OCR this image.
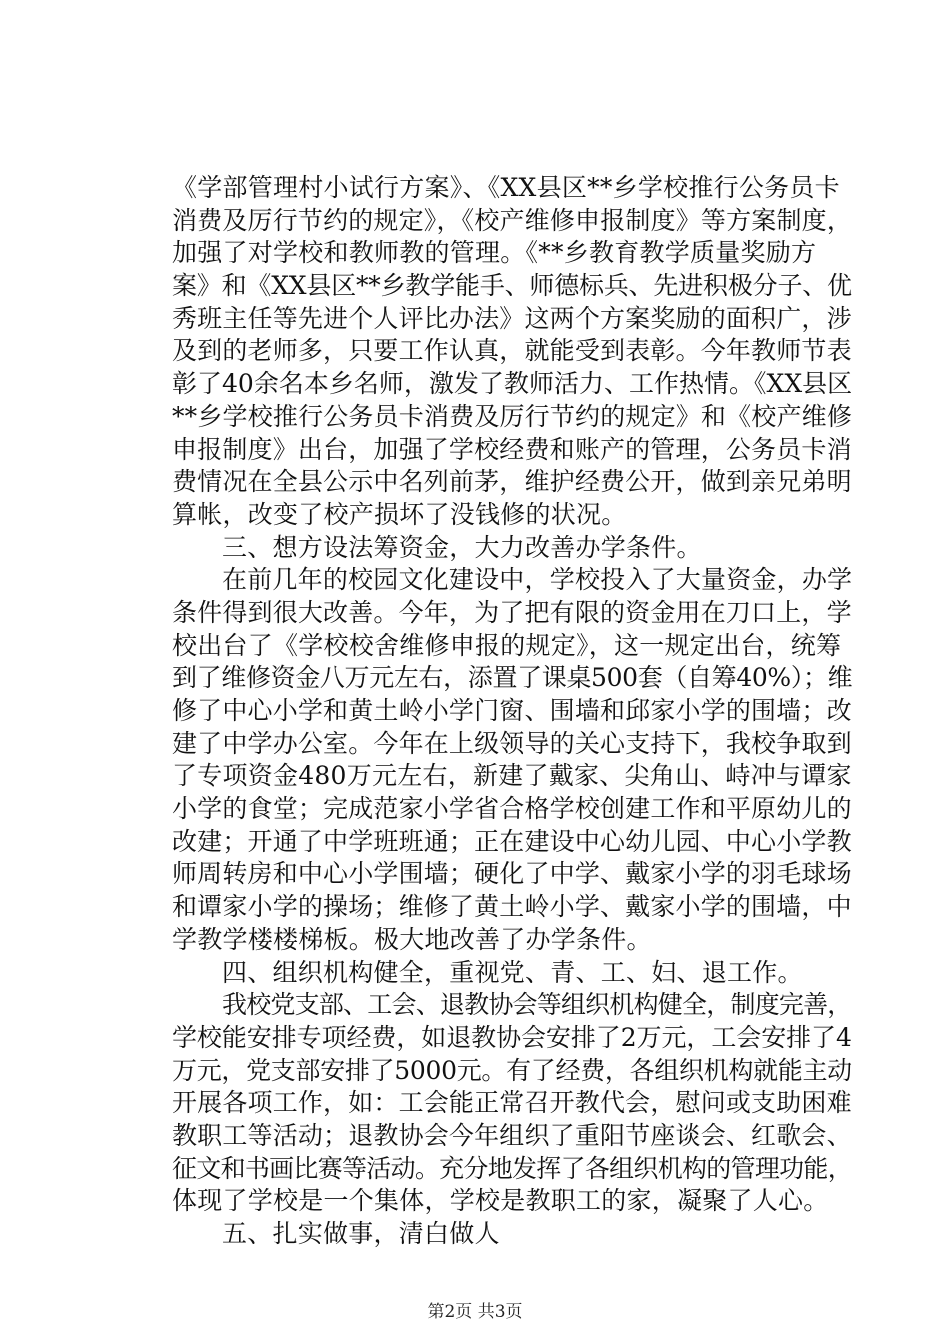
《学部管理村小试行方案》、《XX县区**乡学校推行公务员卡
消费及厉行节约的规定》，《校产维修申报制度》等方案制度，
加强了对学校和教师教的管理。《**乡教育教学质量奖励方
案》和《XX县区**乡教学能手、师德标兵、先进积极分子、优
秀班主任等先进个人评比办法》这两个方案奖励的面积广，涉
及到的老师多，只要工作认真，就能受到表彰。今年教师节表
彰了40余名本乡名师，激发了教师活力、工作热情。《XX县区
**乡学校推行公务员卡消费及厉行节约的规定》和《校产维修
申报制度》出台，加强了学校经费和账产的管理，公务员卡消
费情况在全县公示中名列前茅，维护经费公开，做到亲兄弟明
算帐，改变了校产损坏了没钱修的状况。
三、想方设法筹资金，大力改善办学条件。
在前几年的校园文化建设中，学校投入了大量资金，办学
条件得到很大改善。今年，为了把有限的资金用在刀口上，学
校出台了《学校校舍维修申报的规定》，这一规定出台，统筹
到了维修资金八万元左右，添置了课桌500套（自筹40%）；维
修了中心小学和黄土岭小学门窗、围墙和邱家小学的围墙；改
建了中学办公室。今年在上级领导的关心支持下，我校争取到
了专项资金480万元左右，新建了戴家、尖角山、峙冲与谭家
小学的食堂；完成范家小学省合格学校创建工作和平原幼儿的
改建；开通了中学班班通；正在建设中心幼儿园、中心小学教
师周转房和中心小学围墙；硬化了中学、戴家小学的羽毛球场
和谭家小学的操场；维修了黄土岭小学、戴家小学的围墙，中
学教学楼楼梯板。极大地改善了办学条件。
四、组织机构健全，重视党、青、工、妇、退工作。
我校党支部、工会、退教协会等组织机构健全，制度完善，
学校能安排专项经费，如退教协会安排了2万元，工会安排了4
万元，党支部安排了5000元。有了经费，各组织机构就能主动
开展各项工作，如：工会能正常召开教代会，慰问或支助困难
教职工等活动；退教协会今年组织了重阳节座谈会、红歌会、
征文和书画比赛等活动。充分地发挥了各组织机构的管理功能，
体现了学校是一个集体，学校是教职工的家，凝聚了人心。
五、扎实做事，清白做人
第2页 共3页
